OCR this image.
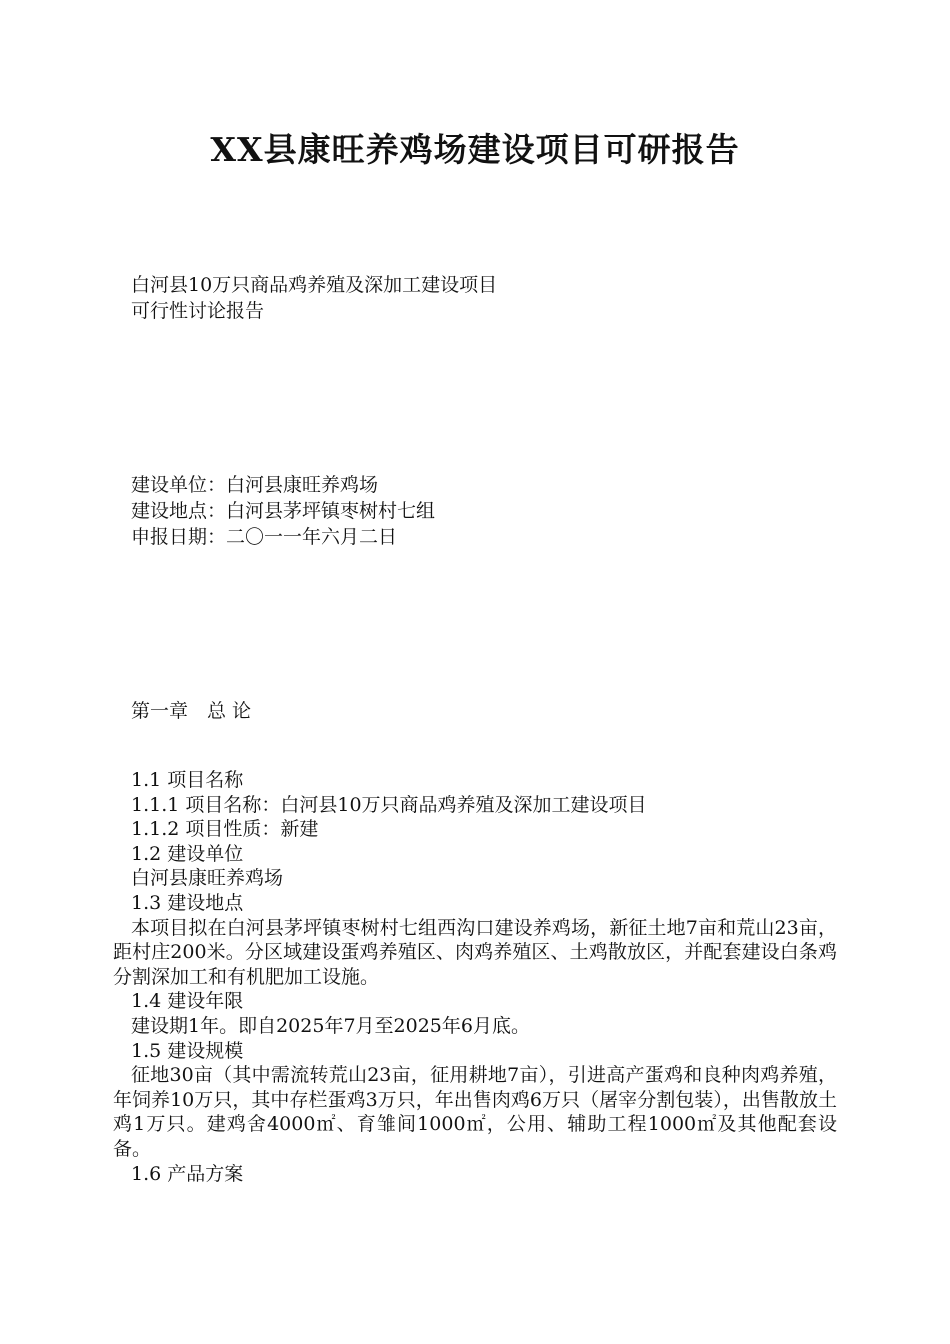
XX县康旺养鸡场建设项目可研报告
白河县10万只商品鸡养殖及深加工建设项目
可行性讨论报告
建设单位：白河县康旺养鸡场
建设地点：白河县茅坪镇枣树村七组
申报日期：二〇一一年六月二日
第一章　总 论
1.1 项目名称
1.1.1 项目名称：白河县10万只商品鸡养殖及深加工建设项目
1.1.2 项目性质：新建
1.2 建设单位
白河县康旺养鸡场
1.3 建设地点

本项目拟在白河县茅坪镇枣树村七组西沟口建设养鸡场，新征土地7亩和荒山23亩，距村庄200米。分区域建设蛋鸡养殖区、肉鸡养殖区、土鸡散放区，并配套建设白条鸡分割深加工和有机肥加工设施。

1.4 建设年限
建设期1年。即自2025年7月至2025年6月底。
1.5 建设规模

征地30亩（其中需流转荒山23亩，征用耕地7亩），引进高产蛋鸡和良种肉鸡养殖，年饲养10万只，其中存栏蛋鸡3万只，年出售肉鸡6万只（屠宰分割包装），出售散放土鸡1万只。建鸡舍4000㎡、育雏间1000㎡，公用、辅助工程1000㎡及其他配套设备。

1.6 产品方案
